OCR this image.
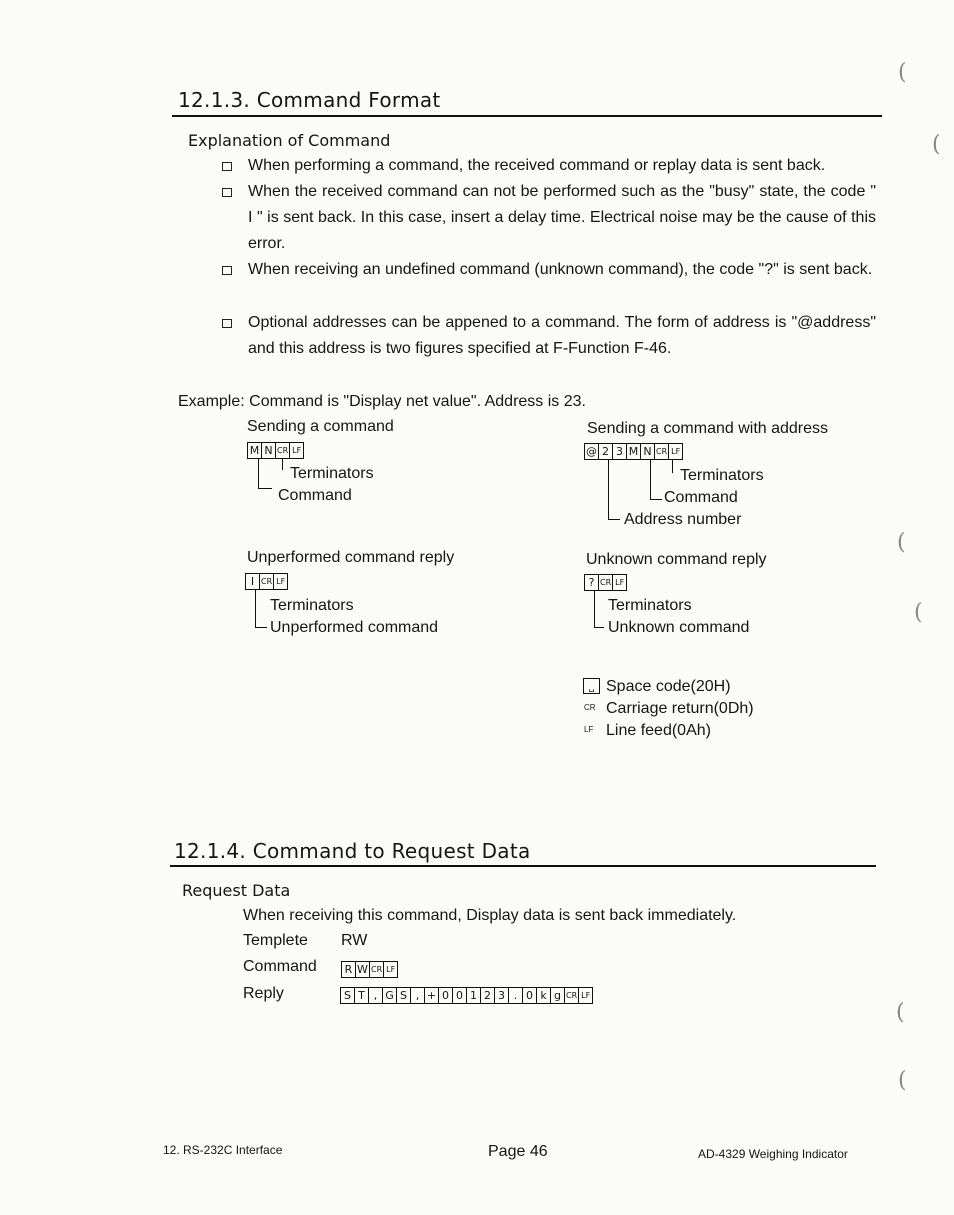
12.1.3. Command Format
Explanation of Command
When performing a command, the received command or replay data is sent back.
When the received command can not be performed such as the "busy" state, the code " I " is sent back. In this case, insert a delay time. Electrical noise may be the cause of this error.
When receiving an undefined command (unknown command), the code "?" is sent back.
Optional addresses can be appened to a command. The form of address is "@address" and this address is two figures specified at F-Function F-46.
Example: Command is "Display net value". Address is 23.
Sending a command
M N CR LF
Terminators
Command
Sending a command with address
@ 2 3 M N CR LF
Terminators
Command
Address number
Unperformed command reply
I CR LF
Terminators
Unperformed command
Unknown command reply
? CR LF
Terminators
Unknown command
␣ Space code(20H)
CR Carriage return(0Dh)
LF Line feed(0Ah)
12.1.4. Command to Request Data
Request Data
When receiving this command, Display data is sent back immediately.
Templete RW
Command	R W CR LF
Reply	S T , G S , + 0 0 1 2 3 . 0 k g CR LF
12. RS-232C Interface	Page 46	AD-4329 Weighing Indicator
(
(
(
(
(
(
